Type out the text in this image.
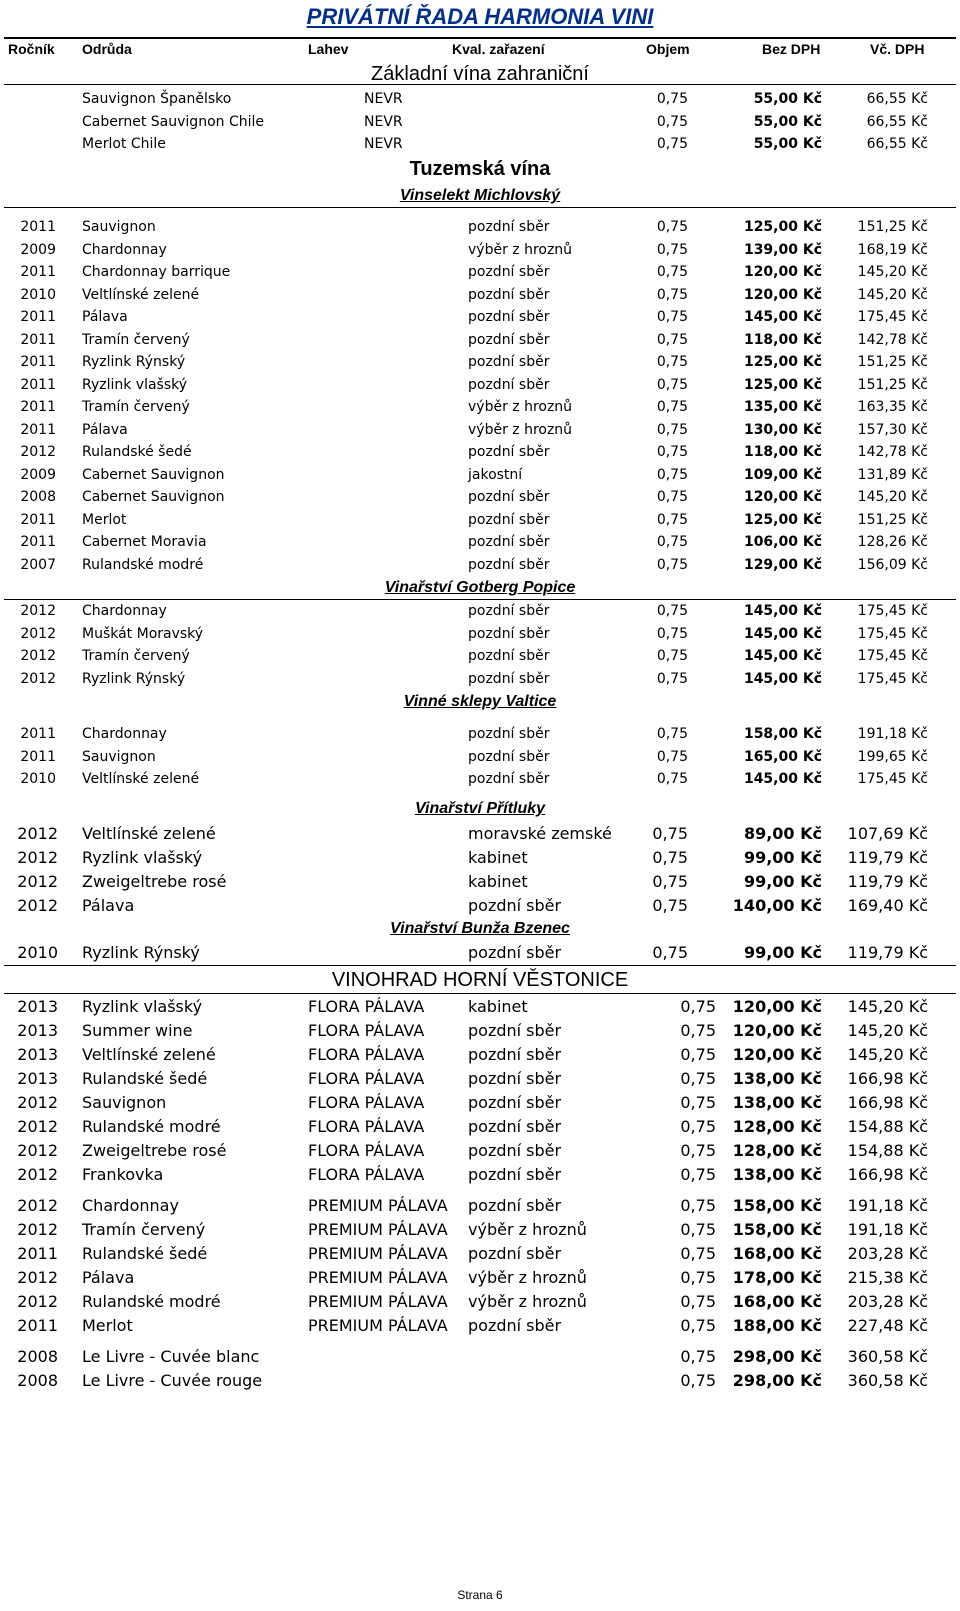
PRIVÁTNÍ ŘADA HARMONIA VINI
Ročník Odrůda	Lahev	Kval. zařazení	Objem	Bez DPH	Vč. DPH
Základní vína zahraniční
Sauvignon Španělsko	NEVR	0,75	55,00 Kč	66,55 Kč
Cabernet Sauvignon Chile	NEVR	0,75	55,00 Kč	66,55 Kč
Merlot Chile	NEVR	0,75	55,00 Kč	66,55 Kč
Tuzemská vína
Vinselekt Michlovský
2011 Sauvignon	pozdní sběr	0,75	125,00 Kč	151,25 Kč
2009 Chardonnay	výběr z hroznů	0,75	139,00 Kč	168,19 Kč
2011 Chardonnay barrique	pozdní sběr	0,75	120,00 Kč	145,20 Kč
2010 Veltlínské zelené	pozdní sběr	0,75	120,00 Kč	145,20 Kč
2011 Pálava	pozdní sběr	0,75	145,00 Kč	175,45 Kč
2011 Tramín červený	pozdní sběr	0,75	118,00 Kč	142,78 Kč
2011 Ryzlink Rýnský	pozdní sběr	0,75	125,00 Kč	151,25 Kč
2011 Ryzlink vlašský	pozdní sběr	0,75	125,00 Kč	151,25 Kč
2011 Tramín červený	výběr z hroznů	0,75	135,00 Kč	163,35 Kč
2011 Pálava	výběr z hroznů	0,75	130,00 Kč	157,30 Kč
2012 Rulandské šedé	pozdní sběr	0,75	118,00 Kč	142,78 Kč
2009 Cabernet Sauvignon	jakostní	0,75	109,00 Kč	131,89 Kč
2008 Cabernet Sauvignon	pozdní sběr	0,75	120,00 Kč	145,20 Kč
2011 Merlot	pozdní sběr	0,75	125,00 Kč	151,25 Kč
2011 Cabernet Moravia	pozdní sběr	0,75	106,00 Kč	128,26 Kč
2007 Rulandské modré	pozdní sběr	0,75	129,00 Kč	156,09 Kč
Vinařství Gotberg Popice
2012 Chardonnay	pozdní sběr	0,75	145,00 Kč	175,45 Kč
2012 Muškát Moravský	pozdní sběr	0,75	145,00 Kč	175,45 Kč
2012 Tramín červený	pozdní sběr	0,75	145,00 Kč	175,45 Kč
2012 Ryzlink Rýnský	pozdní sběr	0,75	145,00 Kč	175,45 Kč
Vinné sklepy Valtice
2011 Chardonnay	pozdní sběr	0,75	158,00 Kč	191,18 Kč
2011 Sauvignon	pozdní sběr	0,75	165,00 Kč	199,65 Kč
2010 Veltlínské zelené	pozdní sběr	0,75	145,00 Kč	175,45 Kč
Vinařství Přítluky
2012 Veltlínské zelené	moravské zemské	0,75	89,00 Kč 107,69 Kč
2012 Ryzlink vlašský	kabinet	0,75	99,00 Kč 119,79 Kč
2012 Zweigeltrebe rosé	kabinet	0,75	99,00 Kč 119,79 Kč
2012 Pálava	pozdní sběr	0,75	140,00 Kč 169,40 Kč
Vinařství Bunža Bzenec
2010 Ryzlink Rýnský	pozdní sběr	0,75	99,00 Kč 119,79 Kč
VINOHRAD HORNÍ VĚSTONICE
2013 Ryzlink vlašský	FLORA PÁLAVA	kabinet	0,75 120,00 Kč 145,20 Kč
2013 Summer wine	FLORA PÁLAVA	pozdní sběr	0,75 120,00 Kč 145,20 Kč
2013 Veltlínské zelené	FLORA PÁLAVA	pozdní sběr	0,75 120,00 Kč 145,20 Kč
2013 Rulandské šedé	FLORA PÁLAVA	pozdní sběr	0,75 138,00 Kč 166,98 Kč
2012 Sauvignon	FLORA PÁLAVA	pozdní sběr	0,75 138,00 Kč 166,98 Kč
2012 Rulandské modré	FLORA PÁLAVA	pozdní sběr	0,75 128,00 Kč 154,88 Kč
2012 Zweigeltrebe rosé	FLORA PÁLAVA	pozdní sběr	0,75 128,00 Kč 154,88 Kč
2012 Frankovka	FLORA PÁLAVA	pozdní sběr	0,75 138,00 Kč 166,98 Kč
2012 Chardonnay	PREMIUM PÁLAVA pozdní sběr	0,75 158,00 Kč 191,18 Kč
2012 Tramín červený	PREMIUM PÁLAVA výběr z hroznů	0,75 158,00 Kč 191,18 Kč
2011 Rulandské šedé	PREMIUM PÁLAVA pozdní sběr	0,75 168,00 Kč 203,28 Kč
2012 Pálava	PREMIUM PÁLAVA výběr z hroznů	0,75 178,00 Kč 215,38 Kč
2012 Rulandské modré	PREMIUM PÁLAVA výběr z hroznů	0,75 168,00 Kč 203,28 Kč
2011 Merlot	PREMIUM PÁLAVA pozdní sběr	0,75 188,00 Kč 227,48 Kč
2008 Le Livre - Cuvée blanc	0,75 298,00 Kč 360,58 Kč
2008 Le Livre - Cuvée rouge	0,75 298,00 Kč 360,58 Kč
Strana 6
